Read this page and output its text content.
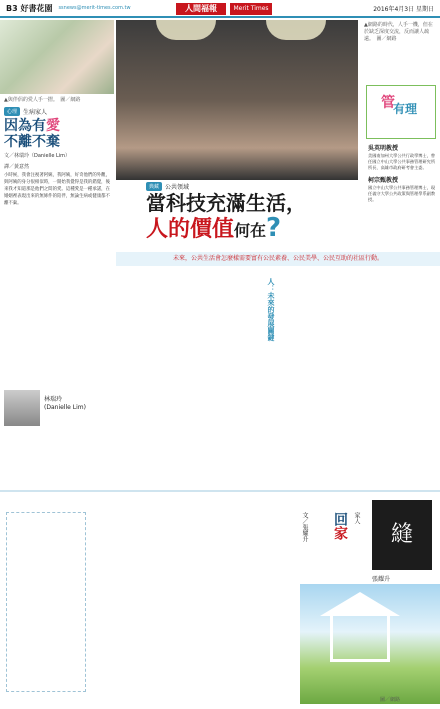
B3 好書花園 ssnews@merit-times.com.tw	人間福報	Merit Times	2016年4月3日 星期日
▲與伴侶的愛人手一摺。　圖／網路
心理	生病家人
因為有愛
不離不棄
文／林瑞玲（Danielle Lim）
譯／黃意然
小時候，我會注視著阿姨，我阿姨，好奇他們的外觀，與阿姨的身分很相似時，一開始我覺得是我的錯覺，後來我才知道那是他們之間的愛。這種愛是一種承諾，在婚姻裡表現出來的無條件的陪伴，無論生病或健康都不離不棄。
林瑞玲
(Danielle Lim)
▲網路的時代，人手一機，但在於缺乏深度交流，反而讓人疏遠。　圖／網路
管
有理
吳英明教授
美國南加州大學公共行政學博士，曾任國立中山大學公共事務管理研究所所長、高雄市政府研考會主委。
柯宗甄教授
國立中山大學公共事務管理博士，現任義守大學公共政策與管理學系副教授。
典藏	公共領域
當科技充滿生活，
人的價值何在?
未來，公共生活會怎麼樣需要富有公民素養、公民美學、公民互助的社區行動。
人：未來的發展關鍵
縫
回家
家人
張耀升
文／張耀升
圖／網路
